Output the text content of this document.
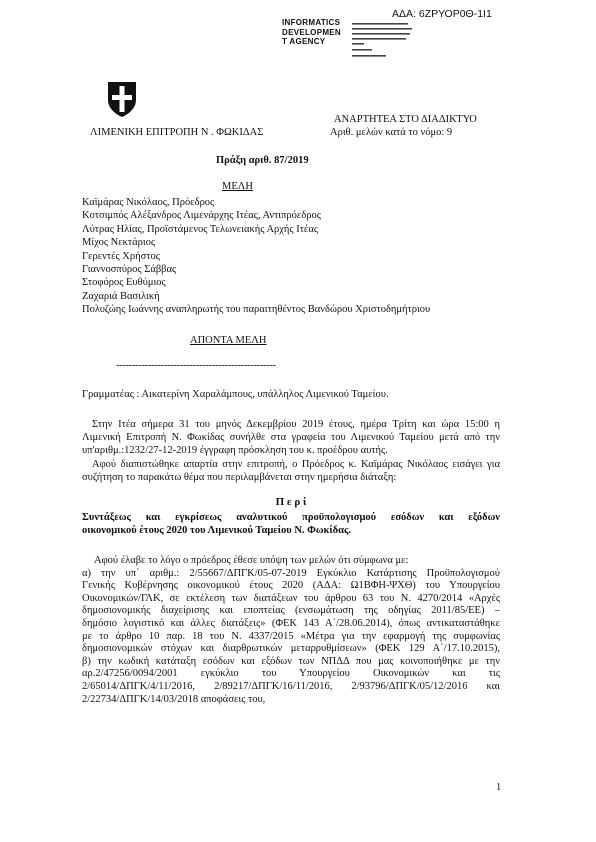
ΑΔΑ: 6ΖΡΥΟΡ0Θ-1Ι1
INFORMATICS
DEVELOPMEN
T AGENCY
ΑΝΑΡΤΗΤΕΑ ΣΤΟ ΔΙΑΔΙΚΤΥΟ
ΛΙΜΕΝΙΚΗ ΕΠΙΤΡΟΠΗ Ν . ΦΩΚΙΔΑΣ	Αριθ. μελών κατά το νόμο: 9
Πράξη αριθ. 87/2019
ΜΕΛΗ
Καϊμάρας Νικόλαος, Πρόεδρος
Κοτσιμπός Αλέξανδρος Λιμενάρχης Ιτέας, Αντιπρόεδρος
Λύτρας Ηλίας, Προϊστάμενος Τελωνειακής Αρχής Ιτέας
Μίχος Νεκτάριος
Γερεντές Χρήστος
Γιαννοσπύρος Σάββας
Στοφόρος Ευθύμιος
Ζαχαριά Βασιλική
Πολυζώης Ιωάννης αναπληρωτής του παραιτηθέντος Βανδώρου Χριστοδημήτριου
ΑΠΟΝΤΑ ΜΕΛΗ
--------------------------------------------------
Γραμματέας : Αικατερίνη Χαραλάμπους, υπάλληλος Λιμενικού Ταμείου.
Στην Ιτέα σήμερα 31 του μηνός Δεκεμβρίου 2019 έτους, ημέρα Τρίτη και ώρα 15:00 η
Λιμενική Επιτροπή Ν. Φωκίδας συνήλθε στα γραφεία του Λιμενικού Ταμείου μετά από την
υπ'αριθμ.:1232/27-12-2019 έγγραφη πρόσκληση του κ. προέδρου αυτής.
Αφού διαπιστώθηκε απαρτία στην επιτροπή, ο Πρόεδρος κ. Καϊμάρας Νικόλαος εισάγει για
συζήτηση το παρακάτω θέμα που περιλαμβάνεται στην ημερήσια διάταξη:
Π ε ρ ί
Συντάξεως και εγκρίσεως αναλυτικού προϋπολογισμού εσόδων και εξόδων
οικονομικού έτους 2020 του Λιμενικού Ταμείου Ν. Φωκίδας.
Αφού έλαβε το λόγο ο πρόεδρος έθεσε υπόψη των μελών ότι σύμφωνα με:
α) την υπ΄ αριθμ.: 2/55667/ΔΠΓΚ/05-07-2019 Εγκύκλιο Κατάρτισης Προϋπολογισμού
Γενικής Κυβέρνησης οικονομικού έτους 2020 (ΑΔΑ: Ω1ΒΦΗ-ΨΧΘ) του Υπουργείου
Οικονομικών/ΓΛΚ, σε εκτέλεση των διατάξεων του άρθρου 63 του Ν. 4270/2014 «Αρχές
δημοσιονομικής διαχείρισης και εποπτείας (ενσωμάτωση της οδηγίας 2011/85/ΕΕ) –
δημόσιο λογιστικό και άλλες διατάξεις» (ΦΕΚ 143 Α΄/28.06.2014), όπως αντικαταστάθηκε
με το άρθρο 10 παρ. 18 του Ν. 4337/2015 «Μέτρα για την εφαρμογή της συμφωνίας
δημοσιονομικών στόχων και διαρθρωτικών μεταρρυθμίσεων» (ΦΕΚ 129 Α΄/17.10.2015),
β) την κωδική κατάταξη εσόδων και εξόδων των ΝΠΔΔ που μας κοινοποιήθηκε με την
αρ.2/47256/0094/2001 εγκύκλιο του Υπουργείου Οικονομικών και τις
2/65014/ΔΠΓΚ/4/11/2016, 2/89217/ΔΠΓΚ/16/11/2016, 2/93796/ΔΠΓΚ/05/12/2016 και
2/22734/ΔΠΓΚ/14/03/2018 αποφάσεις του,
1
